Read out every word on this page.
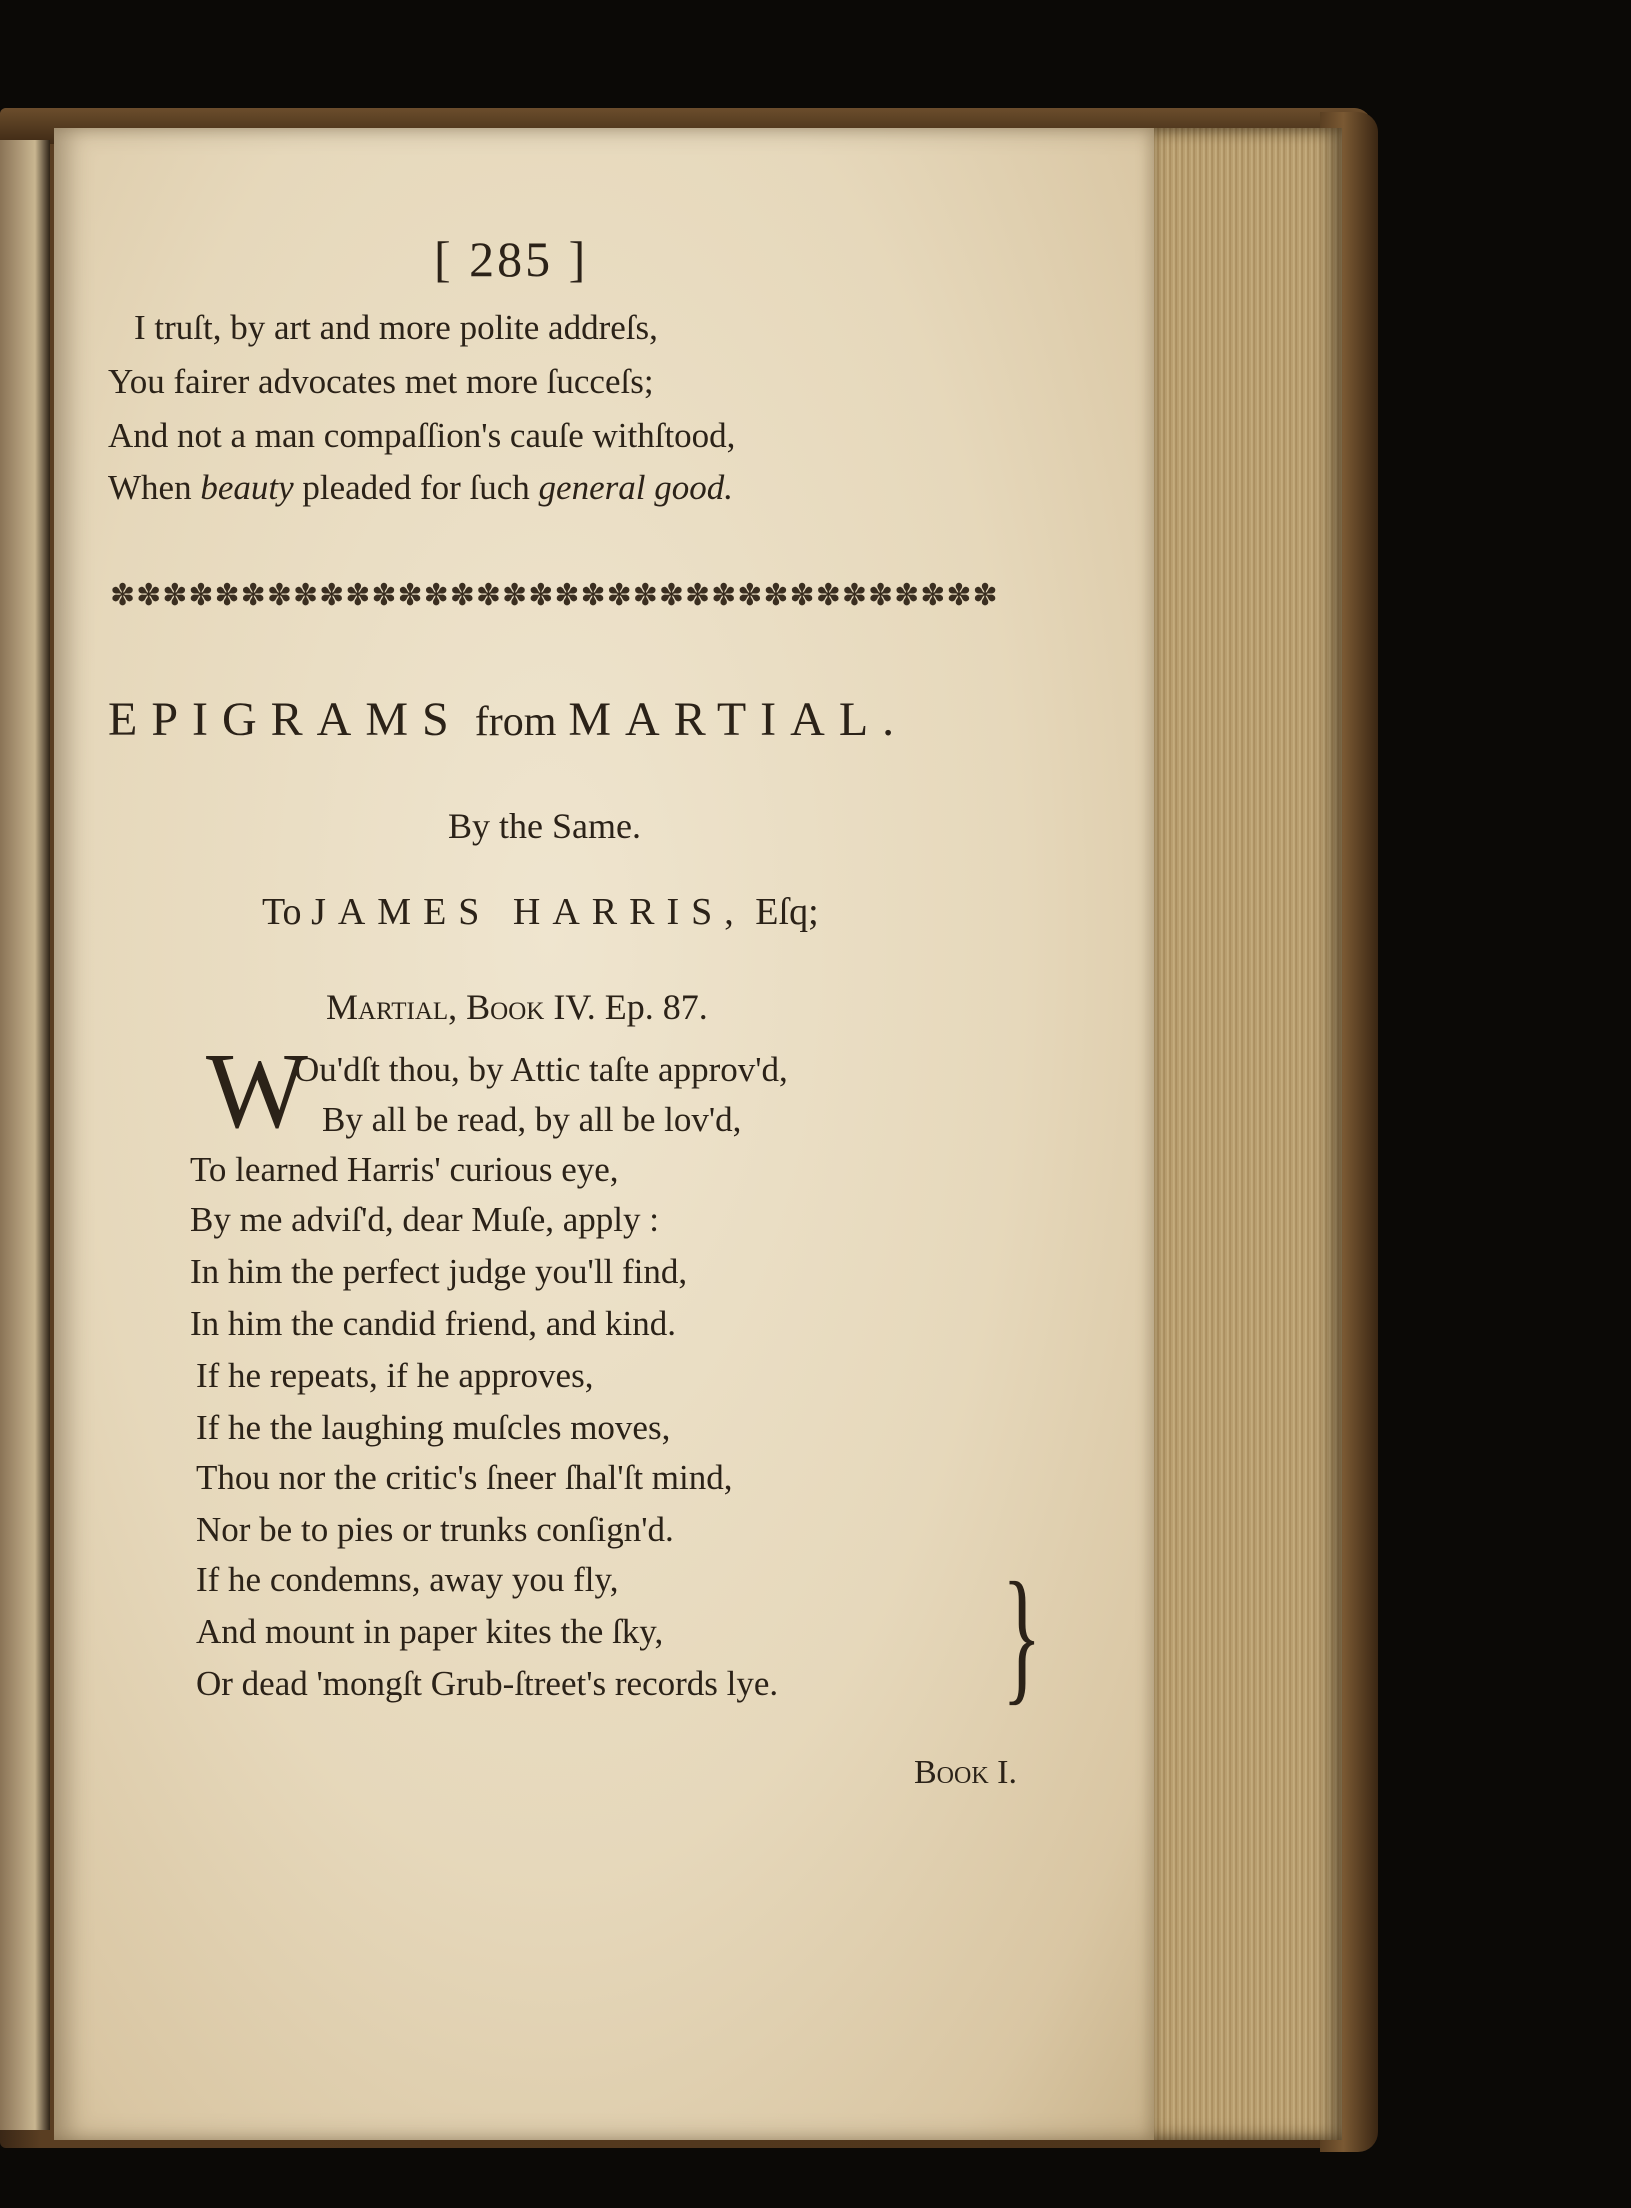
[ 285 ]
I truſt, by art and more polite addreſs,
You fairer advocates met more ſucceſs;
And not a man compaſſion's cauſe withſtood,
When beauty pleaded for ſuch general good.
✽✽✽✽✽✽✽✽✽✽✽✽✽✽✽✽✽✽✽✽✽✽✽✽✽✽✽✽✽✽✽✽✽✽
EPIGRAMS from MARTIAL.
By the Same.
To JAMES HARRIS, Eſq;
Martial, Book IV. Ep. 87.
W
Ou'dſt thou, by Attic taſte approv'd,
By all be read, by all be lov'd,
To learned Harris' curious eye,
By me adviſ'd, dear Muſe, apply :
In him the perfect judge you'll find,
In him the candid friend, and kind.
If he repeats, if he approves,
If he the laughing muſcles moves,
Thou nor the critic's ſneer ſhal'ſt mind,
Nor be to pies or trunks conſign'd.
If he condemns, away you fly,
And mount in paper kites the ſky,
Or dead 'mongſt Grub-ſtreet's records lye. }
Book I.
